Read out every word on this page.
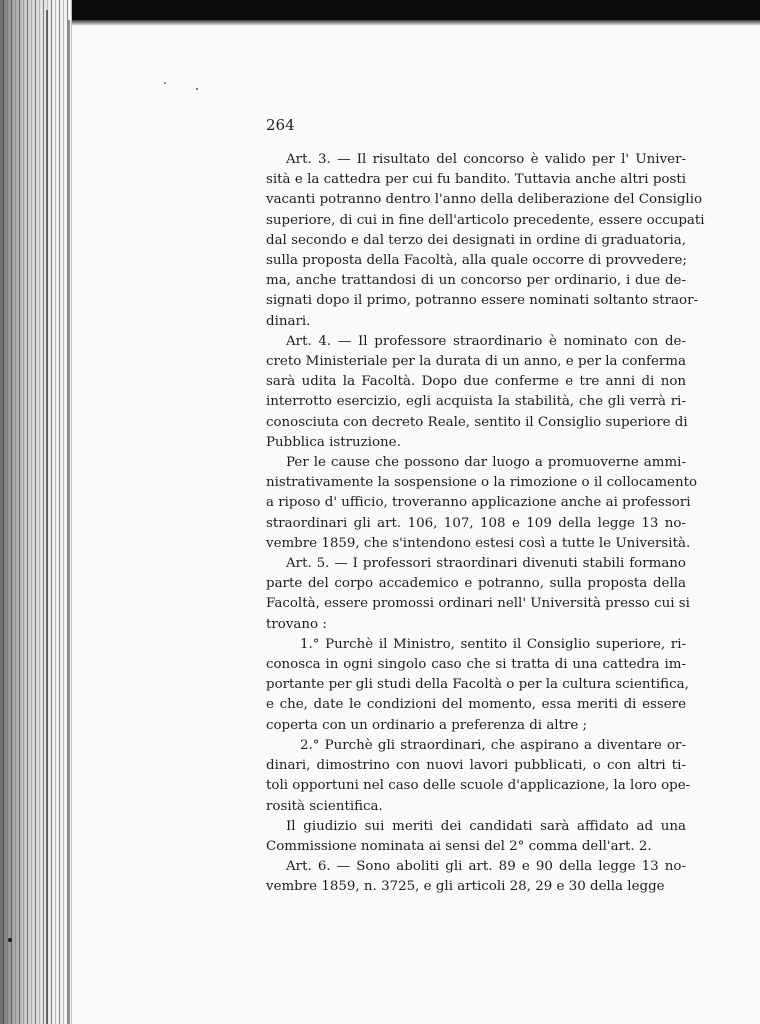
264
Art. 3. — Il risultato del concorso è valido per l' Univer-
sità e la cattedra per cui fu bandito. Tuttavia anche altri posti
vacanti potranno dentro l'anno della deliberazione del Consiglio
superiore, di cui in fine dell'articolo precedente, essere occupati
dal secondo e dal terzo dei designati in ordine di graduatoria,
sulla proposta della Facoltà, alla quale occorre di provvedere;
ma, anche trattandosi di un concorso per ordinario, i due de-
signati dopo il primo, potranno essere nominati soltanto straor-
dinari.
Art. 4. — Il professore straordinario è nominato con de-
creto Ministeriale per la durata di un anno, e per la conferma
sarà udita la Facoltà. Dopo due conferme e tre anni di non
interrotto esercizio, egli acquista la stabilità, che gli verrà ri-
conosciuta con decreto Reale, sentito il Consiglio superiore di
Pubblica istruzione.
Per le cause che possono dar luogo a promuoverne ammi-
nistrativamente la sospensione o la rimozione o il collocamento
a riposo d' ufficio, troveranno applicazione anche ai professori
straordinari gli art. 106, 107, 108 e 109 della legge 13 no-
vembre 1859, che s'intendono estesi così a tutte le Università.
Art. 5. — I professori straordinari divenuti stabili formano
parte del corpo accademico e potranno, sulla proposta della
Facoltà, essere promossi ordinari nell' Università presso cui si
trovano :
1.° Purchè il Ministro, sentito il Consiglio superiore, ri-
conosca in ogni singolo caso che si tratta di una cattedra im-
portante per gli studi della Facoltà o per la cultura scientifica,
e che, date le condizioni del momento, essa meriti di essere
coperta con un ordinario a preferenza di altre ;
2.° Purchè gli straordinari, che aspirano a diventare or-
dinari, dimostrino con nuovi lavori pubblicati, o con altri ti-
toli opportuni nel caso delle scuole d'applicazione, la loro ope-
rosità scientifica.
Il giudizio sui meriti dei candidati sarà affidato ad una
Commissione nominata ai sensi del 2° comma dell'art. 2.
Art. 6. — Sono aboliti gli art. 89 e 90 della legge 13 no-
vembre 1859, n. 3725, e gli articoli 28, 29 e 30 della legge
